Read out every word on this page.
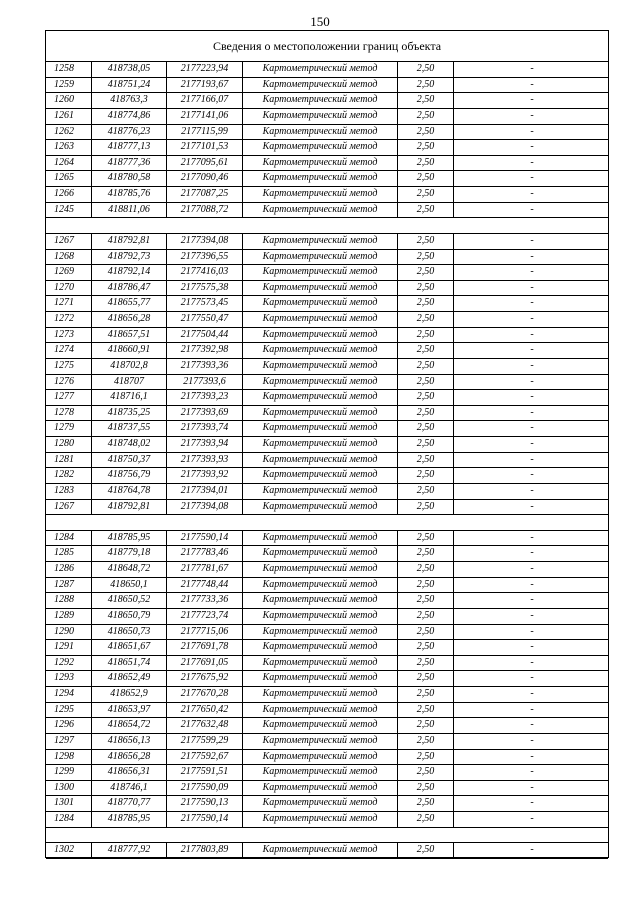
150
Сведения о местоположении границ объекта
1258	418738,05	2177223,94	Картометрический метод	2,50	-
1259	418751,24	2177193,67	Картометрический метод	2,50	-
1260	418763,3	2177166,07	Картометрический метод	2,50	-
1261	418774,86	2177141,06	Картометрический метод	2,50	-
1262	418776,23	2177115,99	Картометрический метод	2,50	-
1263	418777,13	2177101,53	Картометрический метод	2,50	-
1264	418777,36	2177095,61	Картометрический метод	2,50	-
1265	418780,58	2177090,46	Картометрический метод	2,50	-
1266	418785,76	2177087,25	Картометрический метод	2,50	-
1245	418811,06	2177088,72	Картометрический метод	2,50	-
1267	418792,81	2177394,08	Картометрический метод	2,50	-
1268	418792,73	2177396,55	Картометрический метод	2,50	-
1269	418792,14	2177416,03	Картометрический метод	2,50	-
1270	418786,47	2177575,38	Картометрический метод	2,50	-
1271	418655,77	2177573,45	Картометрический метод	2,50	-
1272	418656,28	2177550,47	Картометрический метод	2,50	-
1273	418657,51	2177504,44	Картометрический метод	2,50	-
1274	418660,91	2177392,98	Картометрический метод	2,50	-
1275	418702,8	2177393,36	Картометрический метод	2,50	-
1276	418707	2177393,6	Картометрический метод	2,50	-
1277	418716,1	2177393,23	Картометрический метод	2,50	-
1278	418735,25	2177393,69	Картометрический метод	2,50	-
1279	418737,55	2177393,74	Картометрический метод	2,50	-
1280	418748,02	2177393,94	Картометрический метод	2,50	-
1281	418750,37	2177393,93	Картометрический метод	2,50	-
1282	418756,79	2177393,92	Картометрический метод	2,50	-
1283	418764,78	2177394,01	Картометрический метод	2,50	-
1267	418792,81	2177394,08	Картометрический метод	2,50	-
1284	418785,95	2177590,14	Картометрический метод	2,50	-
1285	418779,18	2177783,46	Картометрический метод	2,50	-
1286	418648,72	2177781,67	Картометрический метод	2,50	-
1287	418650,1	2177748,44	Картометрический метод	2,50	-
1288	418650,52	2177733,36	Картометрический метод	2,50	-
1289	418650,79	2177723,74	Картометрический метод	2,50	-
1290	418650,73	2177715,06	Картометрический метод	2,50	-
1291	418651,67	2177691,78	Картометрический метод	2,50	-
1292	418651,74	2177691,05	Картометрический метод	2,50	-
1293	418652,49	2177675,92	Картометрический метод	2,50	-
1294	418652,9	2177670,28	Картометрический метод	2,50	-
1295	418653,97	2177650,42	Картометрический метод	2,50	-
1296	418654,72	2177632,48	Картометрический метод	2,50	-
1297	418656,13	2177599,29	Картометрический метод	2,50	-
1298	418656,28	2177592,67	Картометрический метод	2,50	-
1299	418656,31	2177591,51	Картометрический метод	2,50	-
1300	418746,1	2177590,09	Картометрический метод	2,50	-
1301	418770,77	2177590,13	Картометрический метод	2,50	-
1284	418785,95	2177590,14	Картометрический метод	2,50	-
1302	418777,92	2177803,89	Картометрический метод	2,50	-
